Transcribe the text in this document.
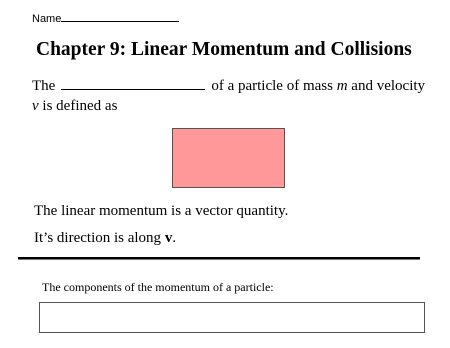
Name
Chapter 9: Linear Momentum and Collisions
The	of a particle of mass m and velocity v is defined as
The linear momentum is a vector quantity.
It’s direction is along v.
The components of the momentum of a particle:
